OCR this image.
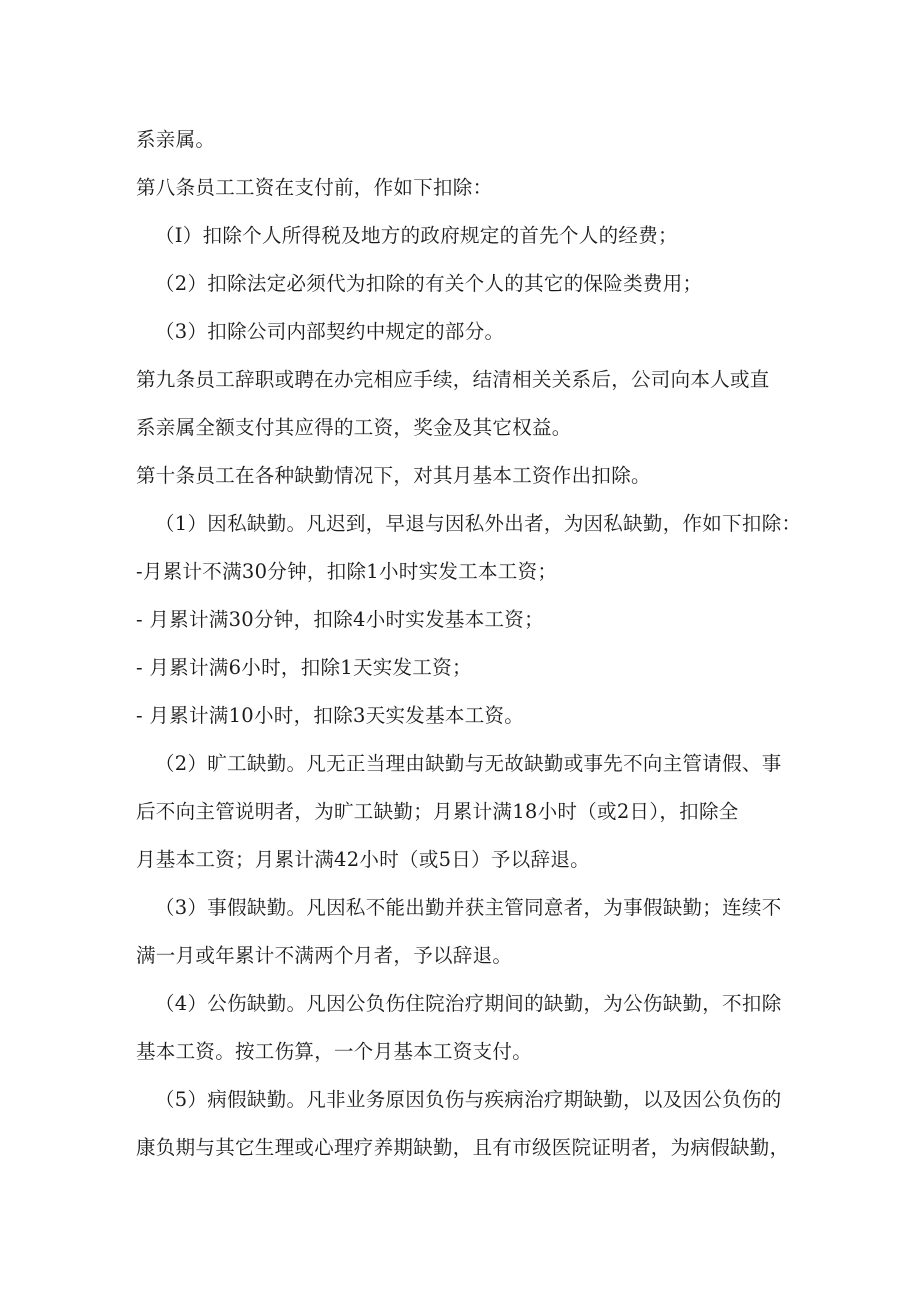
系亲属。
第八条员工工资在支付前，作如下扣除：
（I）扣除个人所得税及地方的政府规定的首先个人的经费；
（2）扣除法定必须代为扣除的有关个人的其它的保险类费用；
（3）扣除公司内部契约中规定的部分。
第九条员工辞职或聘在办完相应手续，结清相关关系后，公司向本人或直
系亲属全额支付其应得的工资，奖金及其它权益。
第十条员工在各种缺勤情况下，对其月基本工资作出扣除。
（1）因私缺勤。凡迟到，早退与因私外出者，为因私缺勤，作如下扣除：
-月累计不满30分钟，扣除1小时实发工本工资；
- 月累计满30分钟，扣除4小时实发基本工资；
- 月累计满6小时，扣除1天实发工资；
- 月累计满10小时，扣除3天实发基本工资。
（2）旷工缺勤。凡无正当理由缺勤与无故缺勤或事先不向主管请假、事
后不向主管说明者，为旷工缺勤；月累计满18小时（或2日），扣除全
月基本工资；月累计满42小时（或5日）予以辞退。
（3）事假缺勤。凡因私不能出勤并获主管同意者，为事假缺勤；连续不
满一月或年累计不满两个月者，予以辞退。
（4）公伤缺勤。凡因公负伤住院治疗期间的缺勤，为公伤缺勤，不扣除
基本工资。按工伤算，一个月基本工资支付。
（5）病假缺勤。凡非业务原因负伤与疾病治疗期缺勤，以及因公负伤的
康负期与其它生理或心理疗养期缺勤，且有市级医院证明者，为病假缺勤，
